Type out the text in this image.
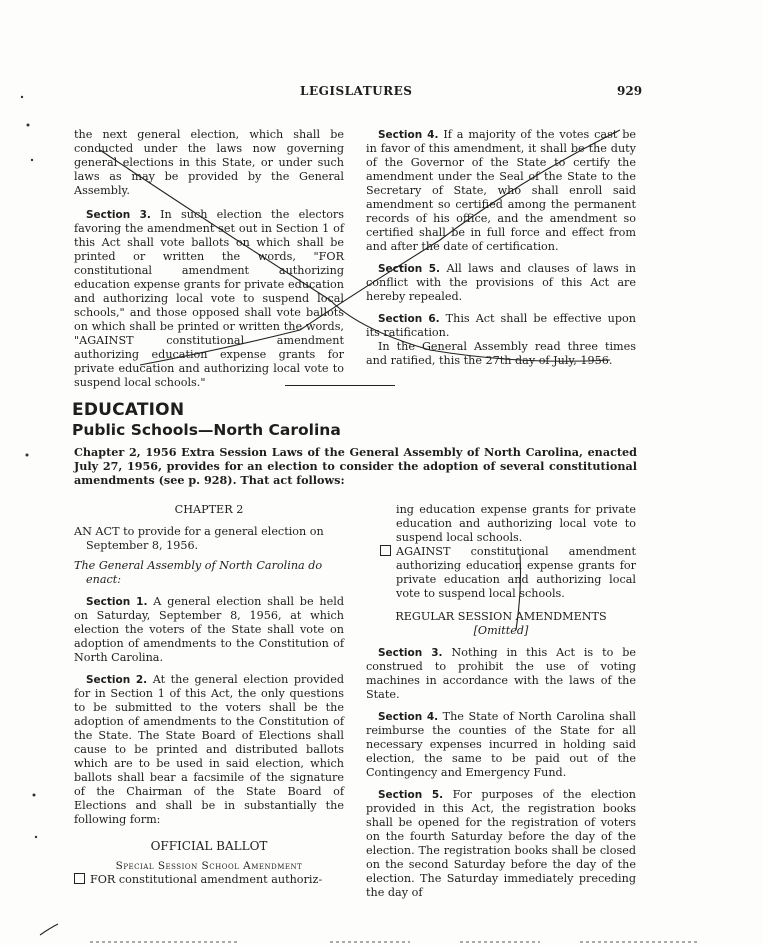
LEGISLATURES	929

the next general election, which shall be conducted under the laws now governing general elections in this State, or under such laws as may be provided by the General Assembly.

Section 3. In such election the electors favoring the amendment set out in Section 1 of this Act shall vote ballots on which shall be printed or written the words, "FOR constitutional amendment authorizing education expense grants for private education and authorizing local vote to suspend local schools," and those opposed shall vote ballots on which shall be printed or written the words, "AGAINST constitutional amendment authorizing education expense grants for private education and authorizing local vote to suspend local schools."

Section 4. If a majority of the votes cast be in favor of this amendment, it shall be the duty of the Governor of the State to certify the amendment under the Seal of the State to the Secretary of State, who shall enroll said amendment so certified among the permanent records of his office, and the amendment so certified shall be in full force and effect from and after the date of certification.

Section 5. All laws and clauses of laws in conflict with the provisions of this Act are hereby repealed.

Section 6. This Act shall be effective upon its ratification.

In the General Assembly read three times and ratified, this the 27th day of July, 1956.

EDUCATION
Public Schools—North Carolina
Chapter 2, 1956 Extra Session Laws of the General Assembly of North Carolina, enacted July 27, 1956, provides for an election to consider the adoption of several constitutional amendments (see p. 928). That act follows:

CHAPTER 2

AN ACT to provide for a general election on September 8, 1956.

The General Assembly of North Carolina do enact:

Section 1. A general election shall be held on Saturday, September 8, 1956, at which election the voters of the State shall vote on adoption of amendments to the Constitution of North Carolina.

Section 2. At the general election provided for in Section 1 of this Act, the only questions to be submitted to the voters shall be the adoption of amendments to the Constitution of the State. The State Board of Elections shall cause to be printed and distributed ballots which are to be used in said election, which ballots shall bear a facsimile of the signature of the Chairman of the State Board of Elections and shall be in substantially the following form:

OFFICIAL BALLOT

Special Session School Amendment

FOR constitutional amendment authoriz-

ing education expense grants for private education and authorizing local vote to suspend local schools.

AGAINST constitutional amendment authorizing education expense grants for private education and authorizing local vote to suspend local schools.

REGULAR SESSION AMENDMENTS

[Omitted]

Section 3. Nothing in this Act is to be construed to prohibit the use of voting machines in accordance with the laws of the State.

Section 4. The State of North Carolina shall reimburse the counties of the State for all necessary expenses incurred in holding said election, the same to be paid out of the Contingency and Emergency Fund.

Section 5. For purposes of the election provided in this Act, the registration books shall be opened for the registration of voters on the fourth Saturday before the day of the election. The registration books shall be closed on the second Saturday before the day of the election. The Saturday immediately preceding the day of
